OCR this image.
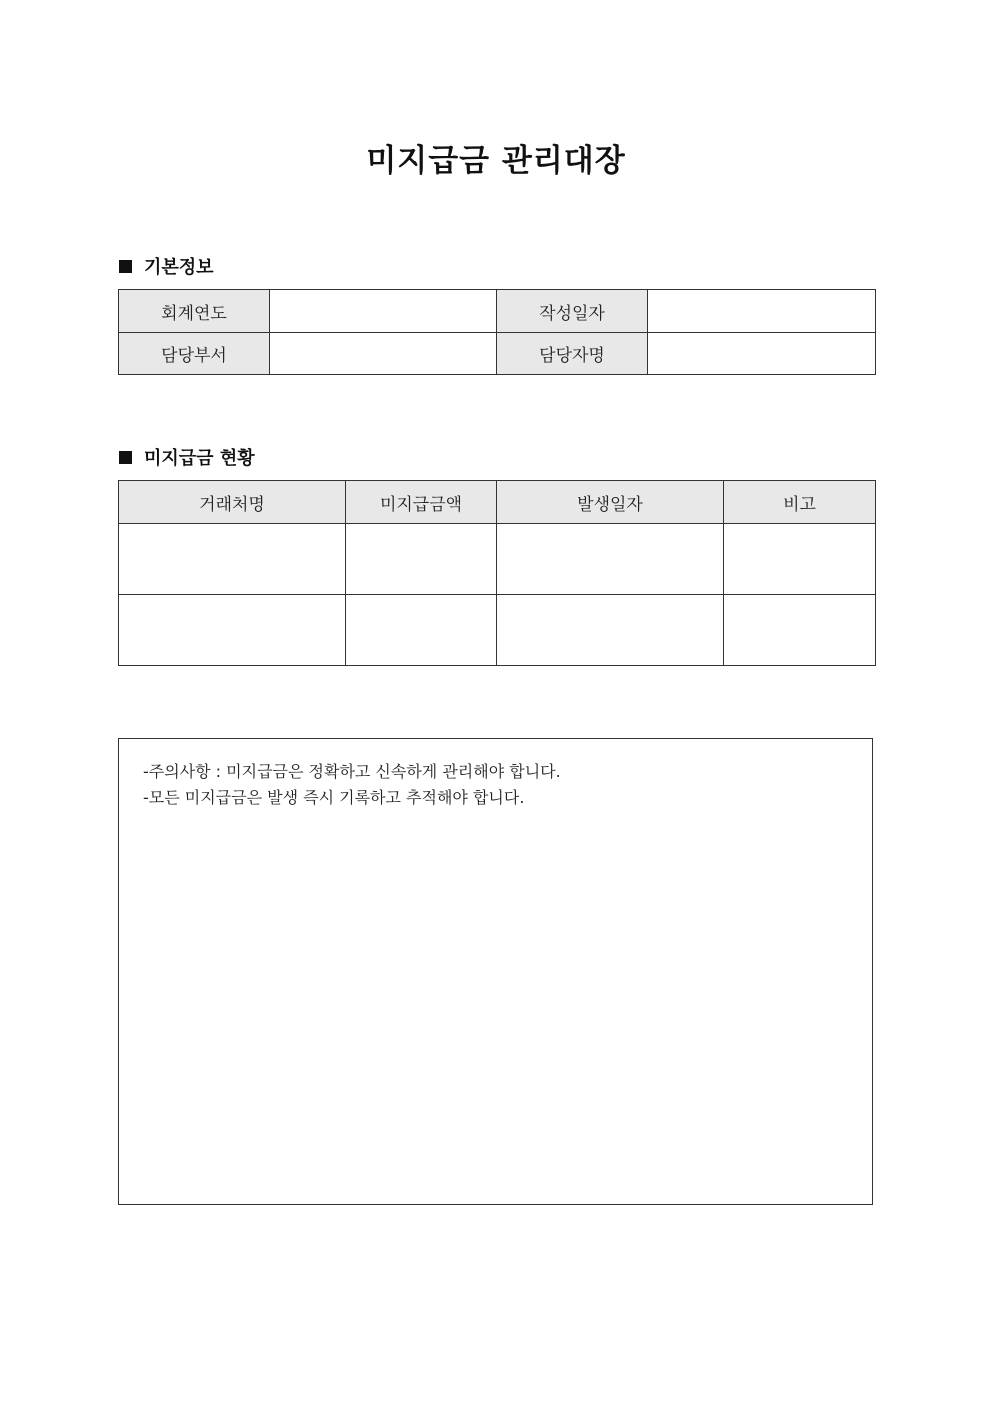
미지급금 관리대장
기본정보
회계연도		작성일자	
담당부서		담당자명	
미지급금 현황
거래처명	미지급금액	발생일자	비고

-주의사항 : 미지급금은 정확하고 신속하게 관리해야 합니다.
-모든 미지급금은 발생 즉시 기록하고 추적해야 합니다.
